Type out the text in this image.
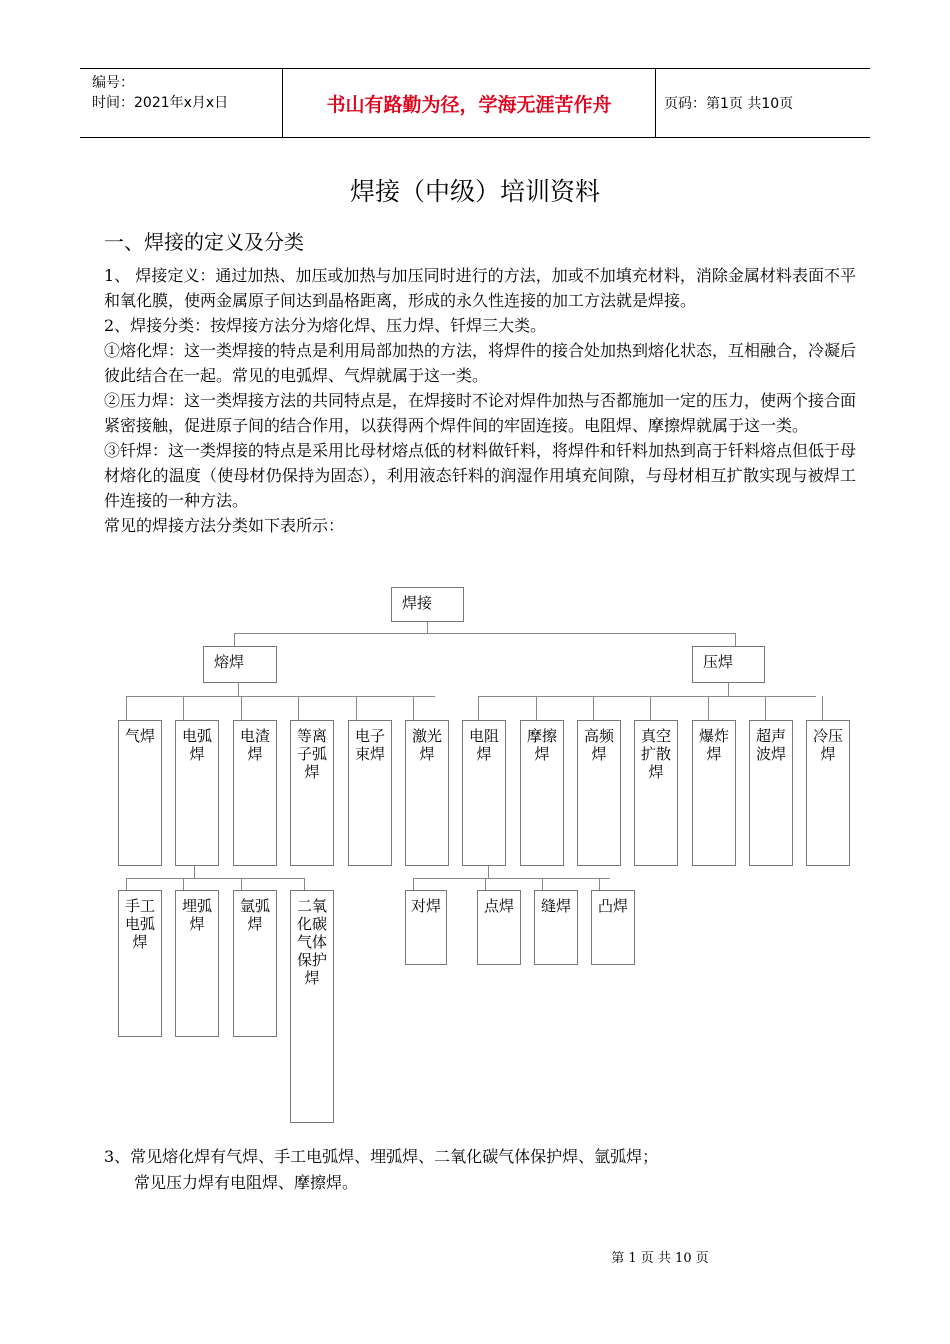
编号：
时间：2021年x月x日	书山有路勤为径，学海无涯苦作舟	页码：第1页 共10页
焊接（中级）培训资料
一、焊接的定义及分类

1、 焊接定义：通过加热、加压或加热与加压同时进行的方法，加或不加填充材料，消除金属材料表面不平和氧化膜，使两金属原子间达到晶格距离，形成的永久性连接的加工方法就是焊接。

2、焊接分类：按焊接方法分为熔化焊、压力焊、钎焊三大类。

①熔化焊：这一类焊接的特点是利用局部加热的方法，将焊件的接合处加热到熔化状态，互相融合，冷凝后彼此结合在一起。常见的电弧焊、气焊就属于这一类。

②压力焊：这一类焊接方法的共同特点是，在焊接时不论对焊件加热与否都施加一定的压力，使两个接合面紧密接触，促进原子间的结合作用，以获得两个焊件间的牢固连接。电阻焊、摩擦焊就属于这一类。

③钎焊：这一类焊接的特点是采用比母材熔点低的材料做钎料，将焊件和钎料加热到高于钎料熔点但低于母材熔化的温度（使母材仍保持为固态），利用液态钎料的润湿作用填充间隙，与母材相互扩散实现与被焊工件连接的一种方法。

常见的焊接方法分类如下表所示：

焊接
熔焊	压焊
气焊	电弧焊
电渣焊
等离子弧焊
电子束焊
激光焊
电阻焊
摩擦焊
高频焊
真空扩散焊
爆炸焊
超声波焊
冷压焊
手工电弧焊
埋弧焊
氩弧焊
二氧化碳气体保护焊
对焊	点焊	缝焊	凸焊
3、常见熔化焊有气焊、手工电弧焊、埋弧焊、二氧化碳气体保护焊、氩弧焊；
常见压力焊有电阻焊、摩擦焊。
第 1 页 共 10 页
